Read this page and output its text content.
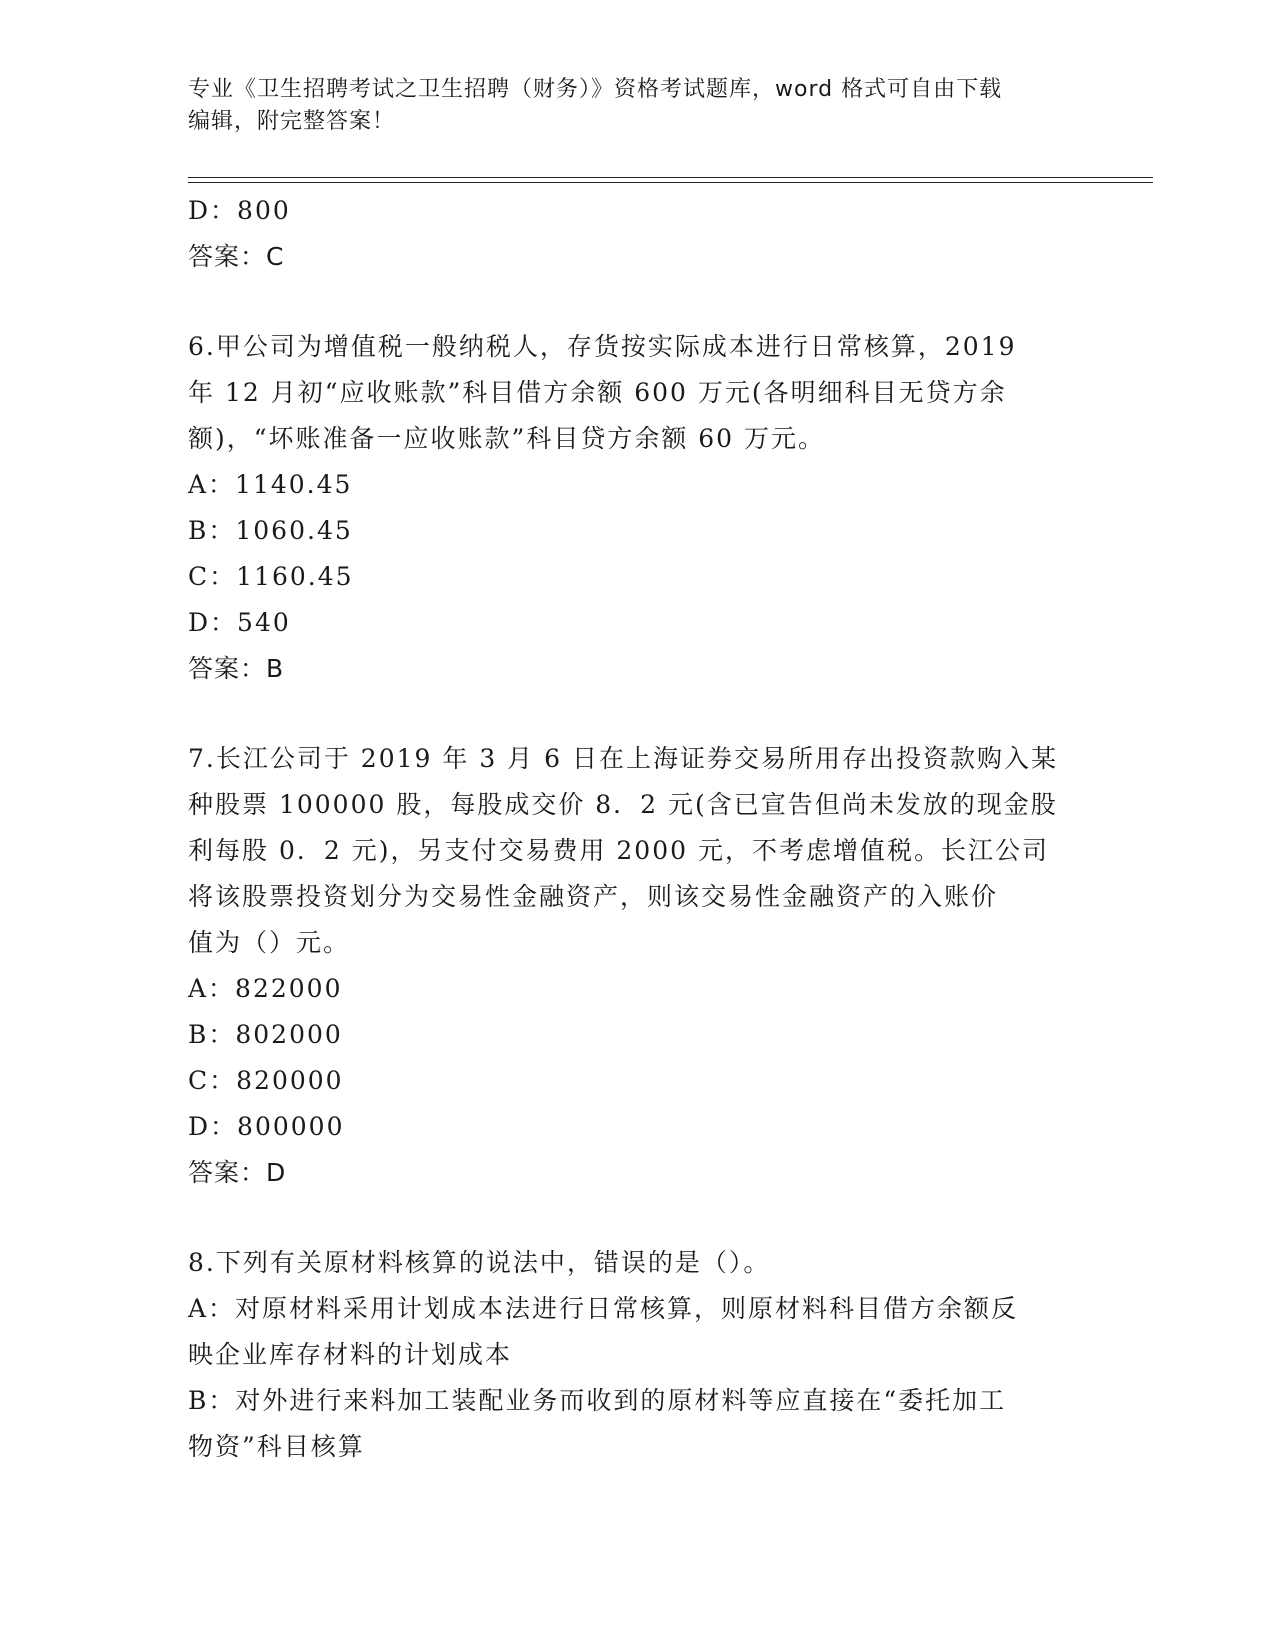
专业《卫生招聘考试之卫生招聘（财务）》资格考试题库，word 格式可自由下载
编辑，附完整答案！
D：800
答案：C
6.甲公司为增值税一般纳税人，存货按实际成本进行日常核算，2019
年 12 月初“应收账款”科目借方余额 600 万元(各明细科目无贷方余
额)，“坏账准备一应收账款”科目贷方余额 60 万元。
A：1140.45
B：1060.45
C：1160.45
D：540
答案：B
7.长江公司于 2019 年 3 月 6 日在上海证券交易所用存出投资款购入某
种股票 100000 股，每股成交价 8．2 元(含已宣告但尚未发放的现金股
利每股 0．2 元)，另支付交易费用 2000 元，不考虑增值税。长江公司
将该股票投资划分为交易性金融资产，则该交易性金融资产的入账价
值为（）元。
A：822000
B：802000
C：820000
D：800000
答案：D
8.下列有关原材料核算的说法中，错误的是（）。
A：对原材料采用计划成本法进行日常核算，则原材料科目借方余额反
映企业库存材料的计划成本
B：对外进行来料加工装配业务而收到的原材料等应直接在“委托加工
物资”科目核算
